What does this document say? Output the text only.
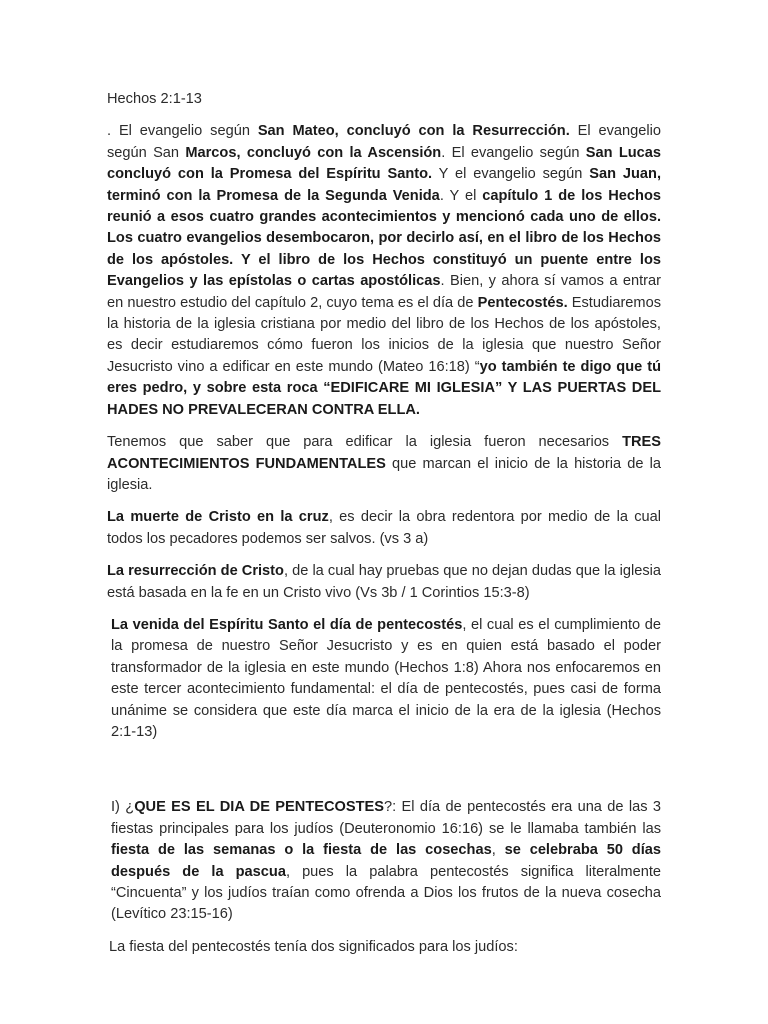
Hechos 2:1-13

. El evangelio según San Mateo, concluyó con la Resurrección. El evangelio según San Marcos, concluyó con la Ascensión. El evangelio según San Lucas concluyó con la Promesa del Espíritu Santo. Y el evangelio según San Juan, terminó con la Promesa de la Segunda Venida. Y el capítulo 1 de los Hechos reunió a esos cuatro grandes acontecimientos y mencionó cada uno de ellos. Los cuatro evangelios desembocaron, por decirlo así, en el libro de los Hechos de los apóstoles. Y el libro de los Hechos constituyó un puente entre los Evangelios y las epístolas o cartas apostólicas. Bien, y ahora sí vamos a entrar en nuestro estudio del capítulo 2, cuyo tema es el día de Pentecostés. Estudiaremos la historia de la iglesia cristiana por medio del libro de los Hechos de los apóstoles, es decir estudiaremos cómo fueron los inicios de la iglesia que nuestro Señor Jesucristo vino a edificar en este mundo (Mateo 16:18) “yo también te digo que tú eres pedro, y sobre esta roca “EDIFICARE MI IGLESIA” Y LAS PUERTAS DEL HADES NO PREVALECERAN CONTRA ELLA.

Tenemos que saber que para edificar la iglesia fueron necesarios TRES ACONTECIMIENTOS FUNDAMENTALES que marcan el inicio de la historia de la iglesia.

La muerte de Cristo en la cruz, es decir la obra redentora por medio de la cual todos los pecadores podemos ser salvos. (vs 3 a)

La resurrección de Cristo, de la cual hay pruebas que no dejan dudas que la iglesia está basada en la fe en un Cristo vivo (Vs 3b / 1 Corintios 15:3-8)

La venida del Espíritu Santo el día de pentecostés, el cual es el cumplimiento de la promesa de nuestro Señor Jesucristo y es en quien está basado el poder transformador de la iglesia en este mundo (Hechos 1:8) Ahora nos enfocaremos en este tercer acontecimiento fundamental: el día de pentecostés, pues casi de forma unánime se considera que este día marca el inicio de la era de la iglesia (Hechos 2:1-13)

I) ¿QUE ES EL DIA DE PENTECOSTES?: El día de pentecostés era una de las 3 fiestas principales para los judíos (Deuteronomio 16:16) se le llamaba también las fiesta de las semanas o la fiesta de las cosechas, se celebraba 50 días después de la pascua, pues la palabra pentecostés significa literalmente “Cincuenta” y los judíos traían como ofrenda a Dios los frutos de la nueva cosecha (Levítico 23:15-16)

La fiesta del pentecostés tenía dos significados para los judíos:
